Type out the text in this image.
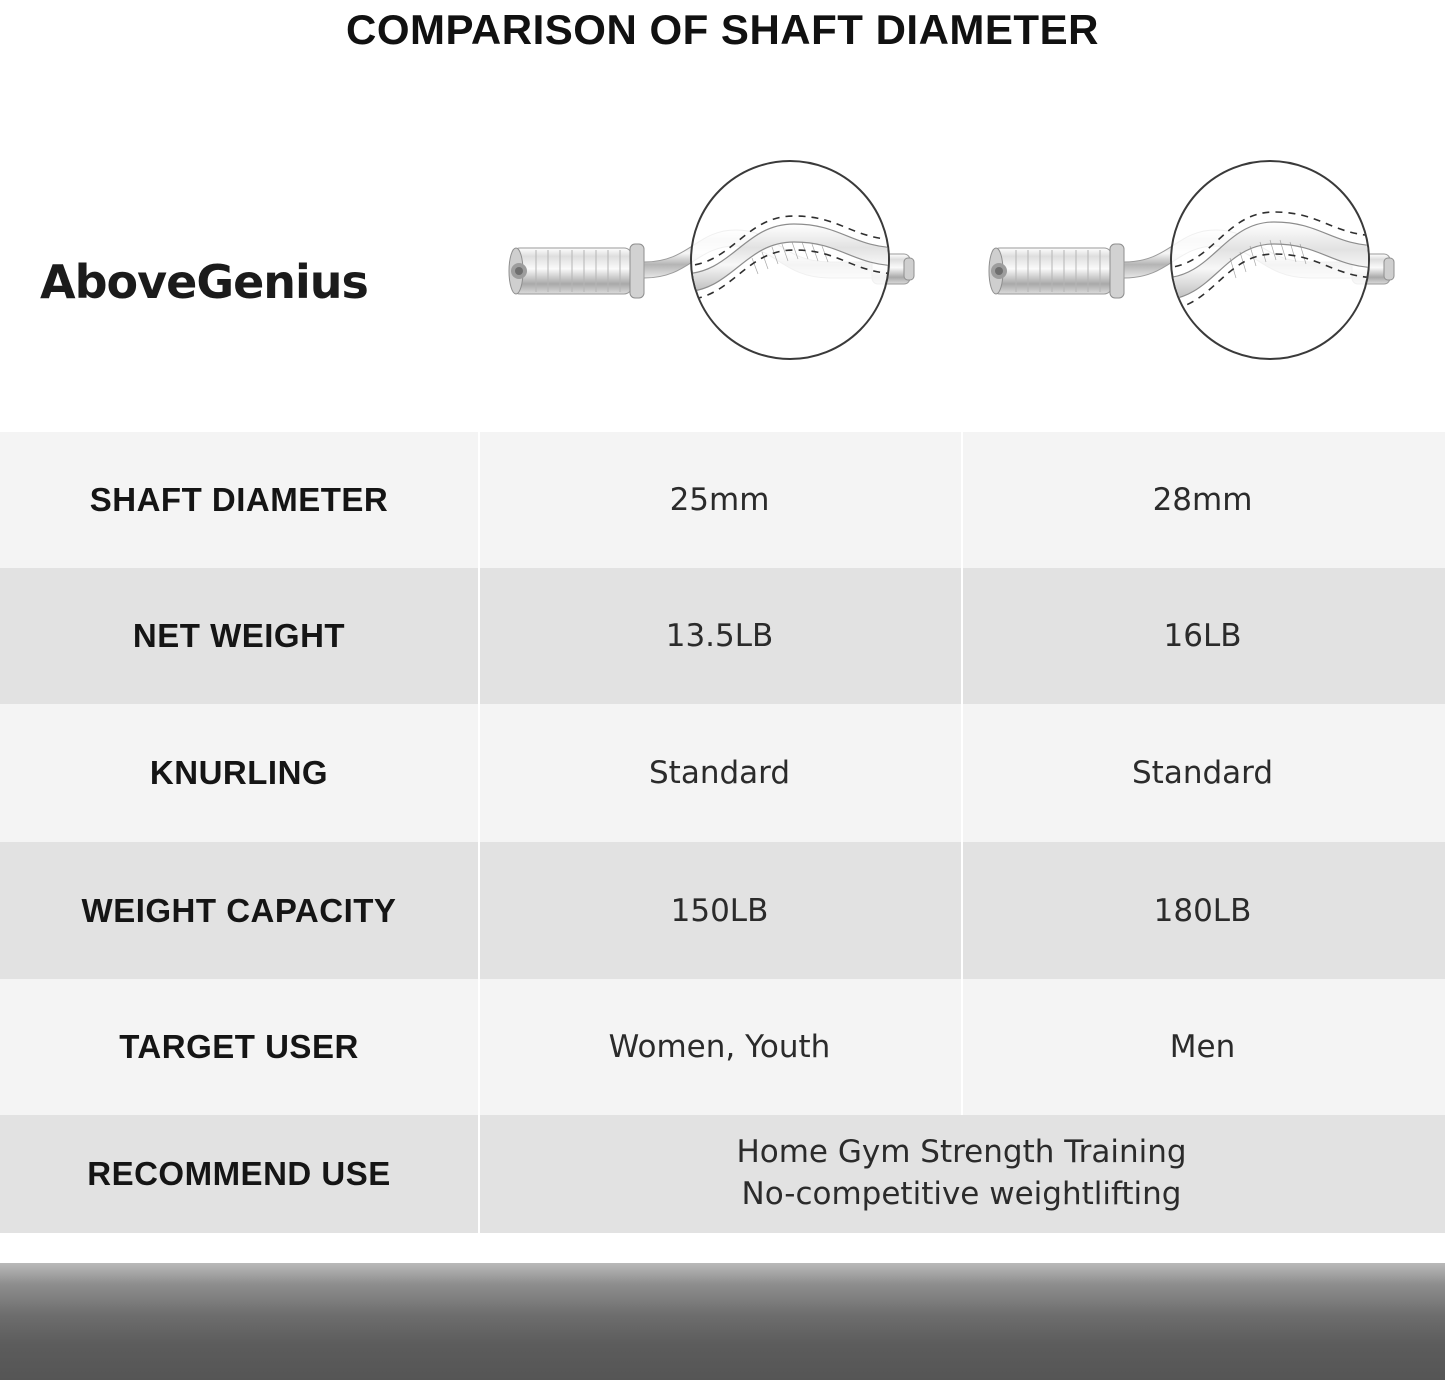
COMPARISON OF SHAFT DIAMETER
AboveGenius
SHAFT DIAMETER	25mm	28mm
NET WEIGHT	13.5LB	16LB
KNURLING	Standard	Standard
WEIGHT CAPACITY	150LB	180LB
TARGET USER	Women, Youth	Men
RECOMMEND USE
Home Gym Strength Training
No-competitive weightlifting
